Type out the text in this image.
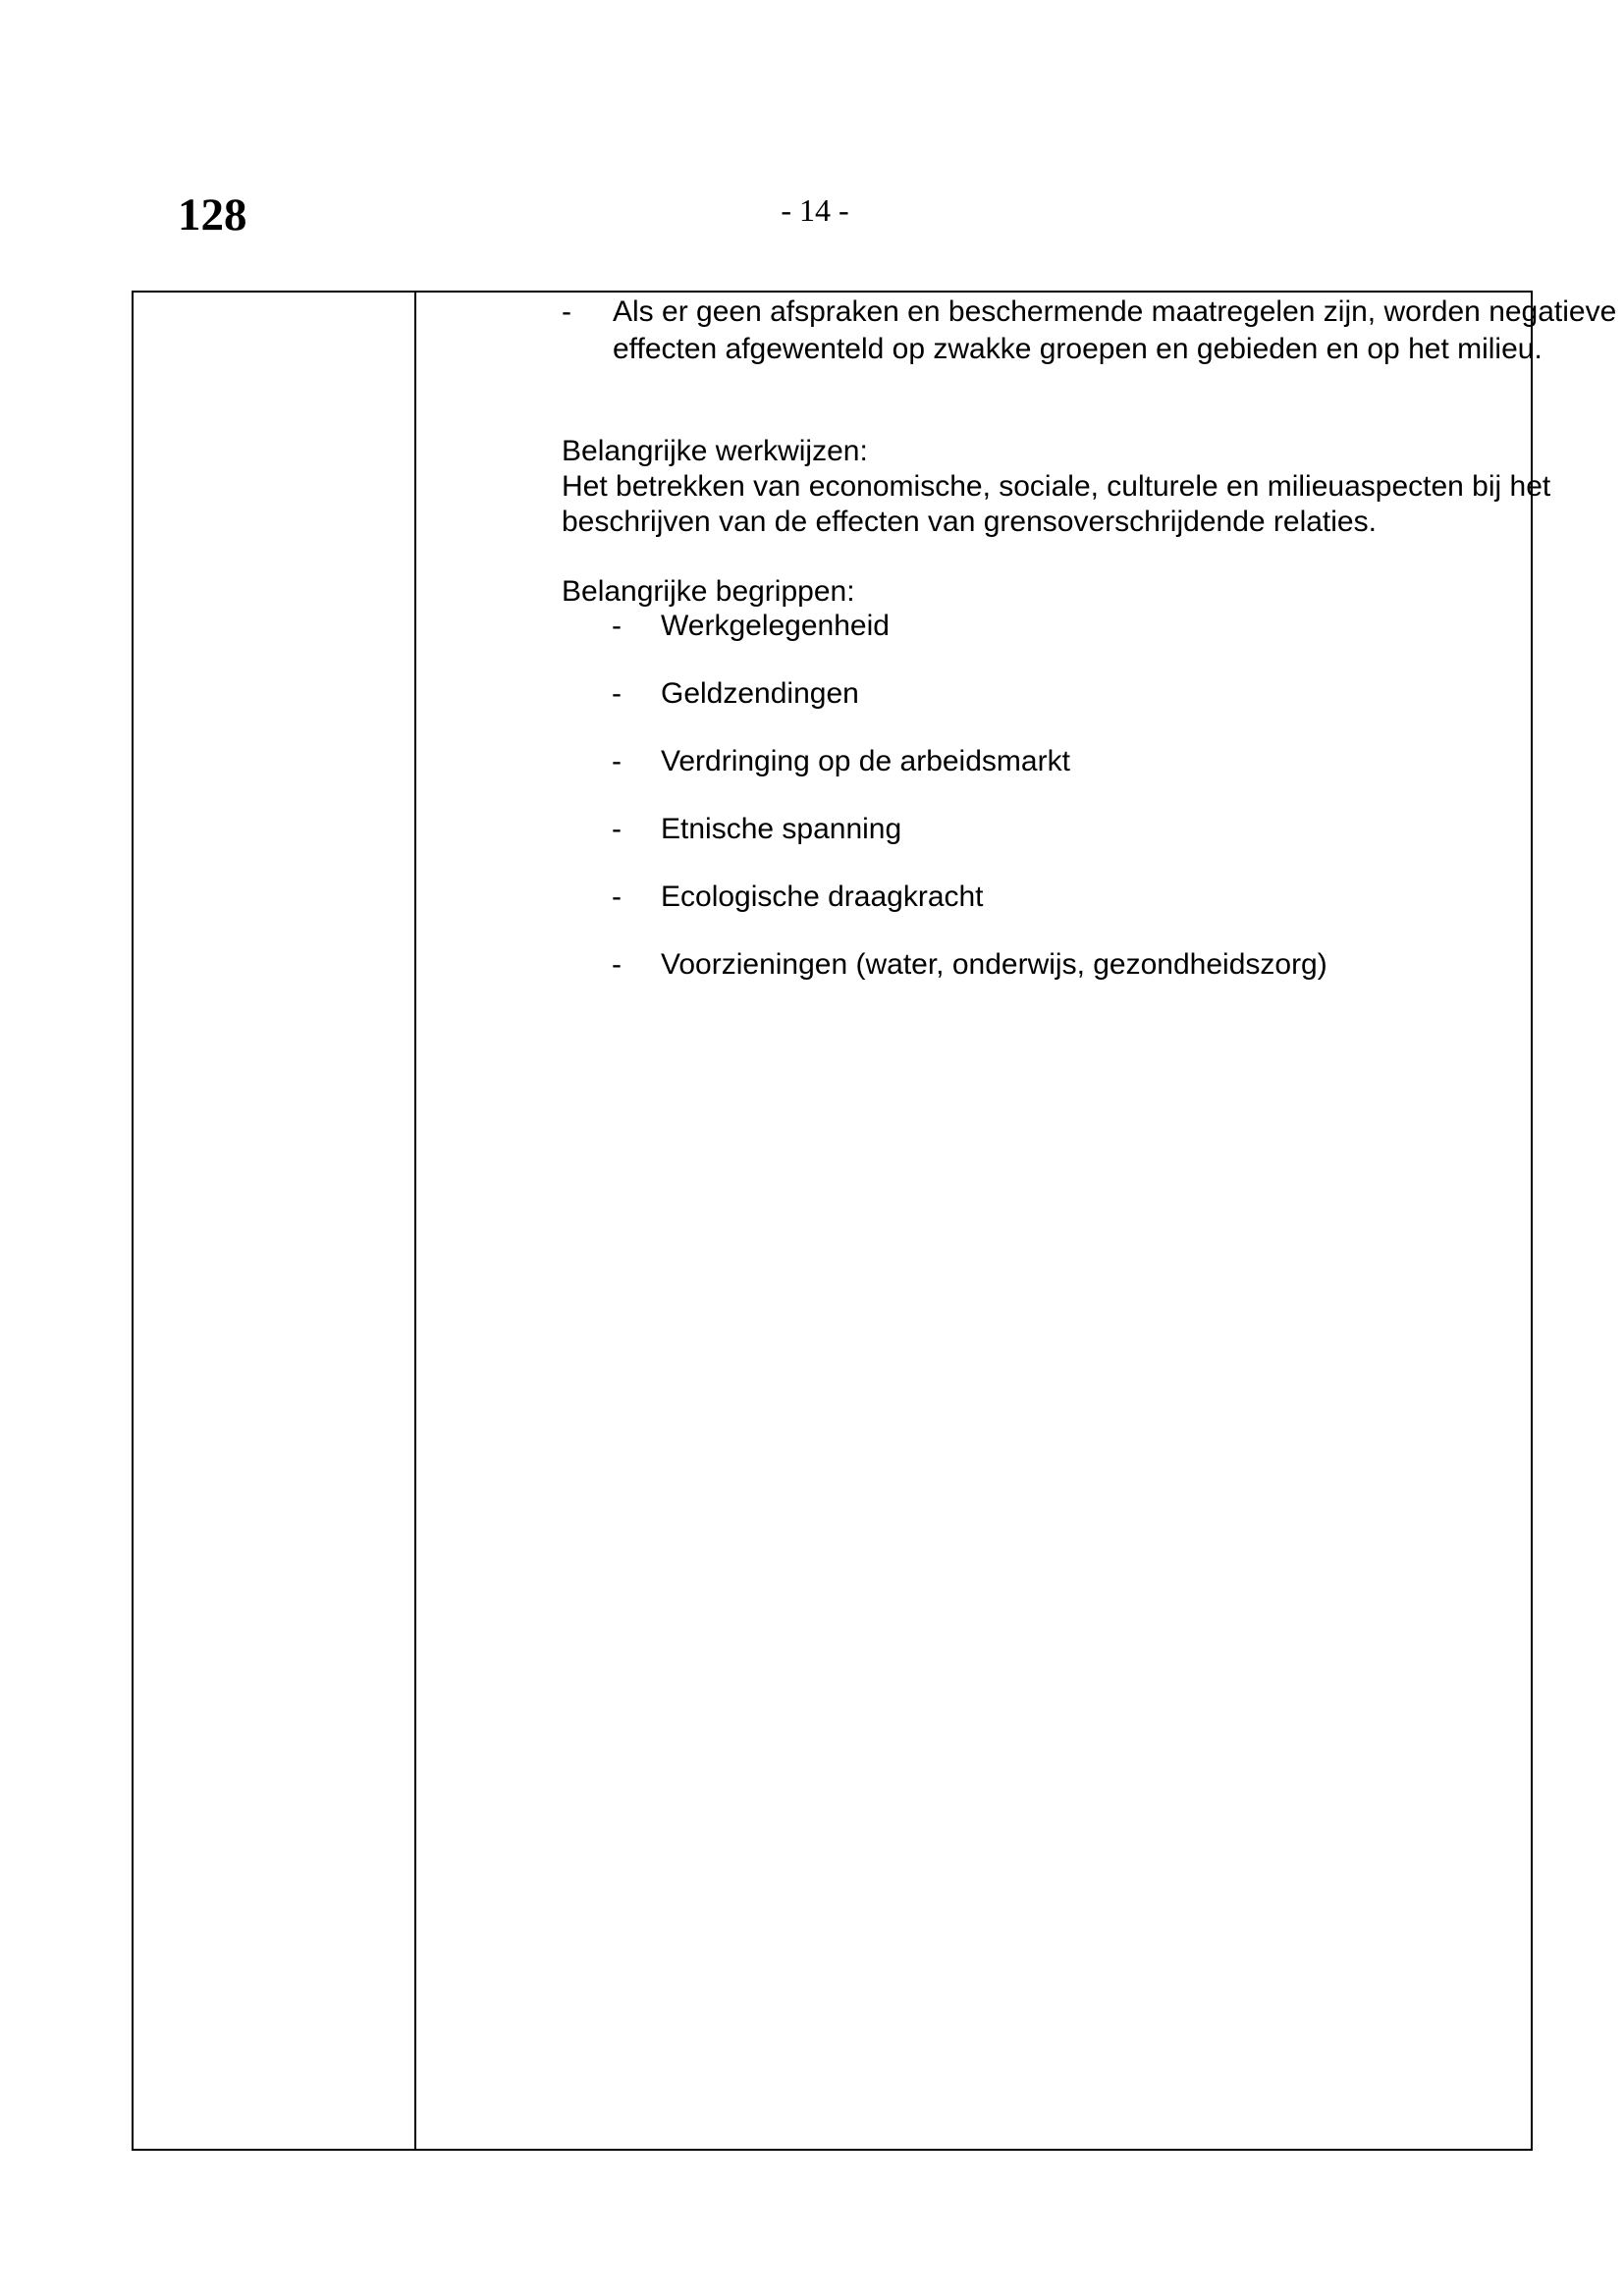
128	- 14 -
- Als er geen afspraken en beschermende maatregelen zijn, worden negatieve
effecten afgewenteld op zwakke groepen en gebieden en op het milieu.
Belangrijke werkwijzen:
Het betrekken van economische, sociale, culturele en milieuaspecten bij het
beschrijven van de effecten van grensoverschrijdende relaties.
Belangrijke begrippen:
- Werkgelegenheid
- Geldzendingen
- Verdringing op de arbeidsmarkt
- Etnische spanning
- Ecologische draagkracht
- Voorzieningen (water, onderwijs, gezondheidszorg)
